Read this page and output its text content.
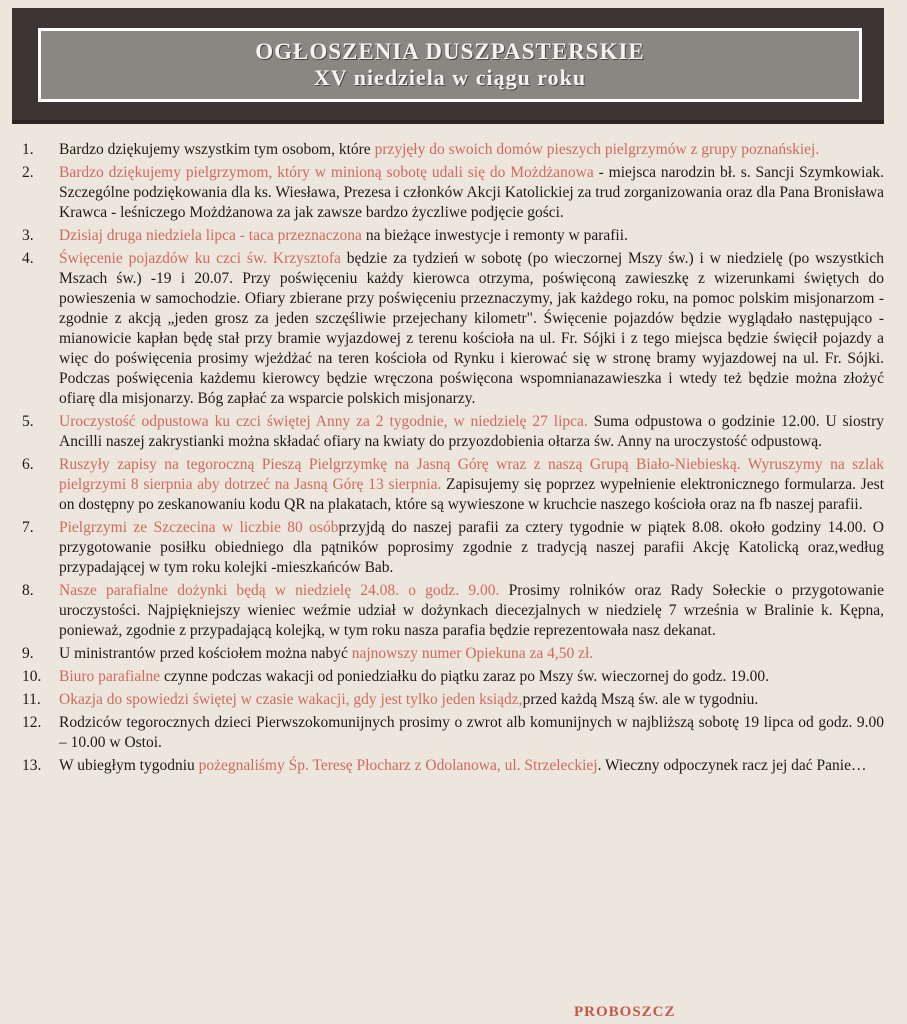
OGŁOSZENIA DUSZPASTERSKIE
XV niedziela w ciągu roku
1.	Bardzo dziękujemy wszystkim tym osobom, które przyjęły do swoich domów pieszych pielgrzymów z grupy poznańskiej.
2.	Bardzo dziękujemy pielgrzymom, który w minioną sobotę udali się do Możdżanowa - miejsca narodzin bł. s. Sancji Szymkowiak. Szczególne podziękowania dla ks. Wiesława, Prezesa i członków Akcji Katolickiej za trud zorganizowania oraz dla Pana Bronisława Krawca - leśniczego Możdżanowa za jak zawsze bardzo życzliwe podjęcie gości.
3.	Dzisiaj druga niedziela lipca - taca przeznaczona na bieżące inwestycje i remonty w parafii.
4.	Święcenie pojazdów ku czci św. Krzysztofa będzie za tydzień w sobotę (po wieczornej Mszy św.) i w niedzielę (po wszystkich Mszach św.) -19 i 20.07. Przy poświęceniu każdy kierowca otrzyma, poświęconą zawieszkę z wizerunkami świętych do powieszenia w samochodzie. Ofiary zbierane przy poświęceniu przeznaczymy, jak każdego roku, na pomoc polskim misjonarzom - zgodnie z akcją „jeden grosz za jeden szczęśliwie przejechany kilometr". Święcenie pojazdów będzie wyglądało następująco - mianowicie kapłan będę stał przy bramie wyjazdowej z terenu kościoła na ul. Fr. Sójki i z tego miejsca będzie święcił pojazdy a więc do poświęcenia prosimy wjeżdżać na teren kościoła od Rynku i kierować się w stronę bramy wyjazdowej na ul. Fr. Sójki. Podczas poświęcenia każdemu kierowcy będzie wręczona poświęcona wspomnianazawieszka i wtedy też będzie można złożyć ofiarę dla misjonarzy. Bóg zapłać za wsparcie polskich misjonarzy.
5.	Uroczystość odpustowa ku czci świętej Anny za 2 tygodnie, w niedzielę 27 lipca. Suma odpustowa o godzinie 12.00. U siostry Ancilli naszej zakrystianki można składać ofiary na kwiaty do przyozdobienia ołtarza św. Anny na uroczystość odpustową.
6.	Ruszyły zapisy na tegoroczną Pieszą Pielgrzymkę na Jasną Górę wraz z naszą Grupą Biało-Niebieską. Wyruszymy na szlak pielgrzymi 8 sierpnia aby dotrzeć na Jasną Górę 13 sierpnia. Zapisujemy się poprzez wypełnienie elektronicznego formularza. Jest on dostępny po zeskanowaniu kodu QR na plakatach, które są wywieszone w kruchcie naszego kościoła oraz na fb naszej parafii.
7.	Pielgrzymi ze Szczecina w liczbie 80 osóbprzyjdą do naszej parafii za cztery tygodnie w piątek 8.08. około godziny 14.00. O przygotowanie posiłku obiedniego dla pątników poprosimy zgodnie z tradycją naszej parafii Akcję Katolicką oraz,według przypadającej w tym roku kolejki -mieszkańców Bab.
8.	Nasze parafialne dożynki będą w niedzielę 24.08. o godz. 9.00. Prosimy rolników oraz Rady Sołeckie o przygotowanie uroczystości. Najpiękniejszy wieniec weźmie udział w dożynkach diecezjalnych w niedzielę 7 września w Bralinie k. Kępna, ponieważ, zgodnie z przypadającą kolejką, w tym roku nasza parafia będzie reprezentowała nasz dekanat.
9.	U ministrantów przed kościołem można nabyć najnowszy numer Opiekuna za 4,50 zł.
10.	Biuro parafialne czynne podczas wakacji od poniedziałku do piątku zaraz po Mszy św. wieczornej do godz. 19.00.
11.	Okazja do spowiedzi świętej w czasie wakacji, gdy jest tylko jeden ksiądz,przed każdą Mszą św. ale w tygodniu.
12.	Rodziców tegorocznych dzieci Pierwszokomunijnych prosimy o zwrot alb komunijnych w najbliższą sobotę 19 lipca od godz. 9.00 – 10.00 w Ostoi.
13.	W ubiegłym tygodniu pożegnaliśmy Śp. Teresę Płocharz z Odolanowa, ul. Strzeleckiej. Wieczny odpoczynek racz jej dać Panie…
PROBOSZCZ
